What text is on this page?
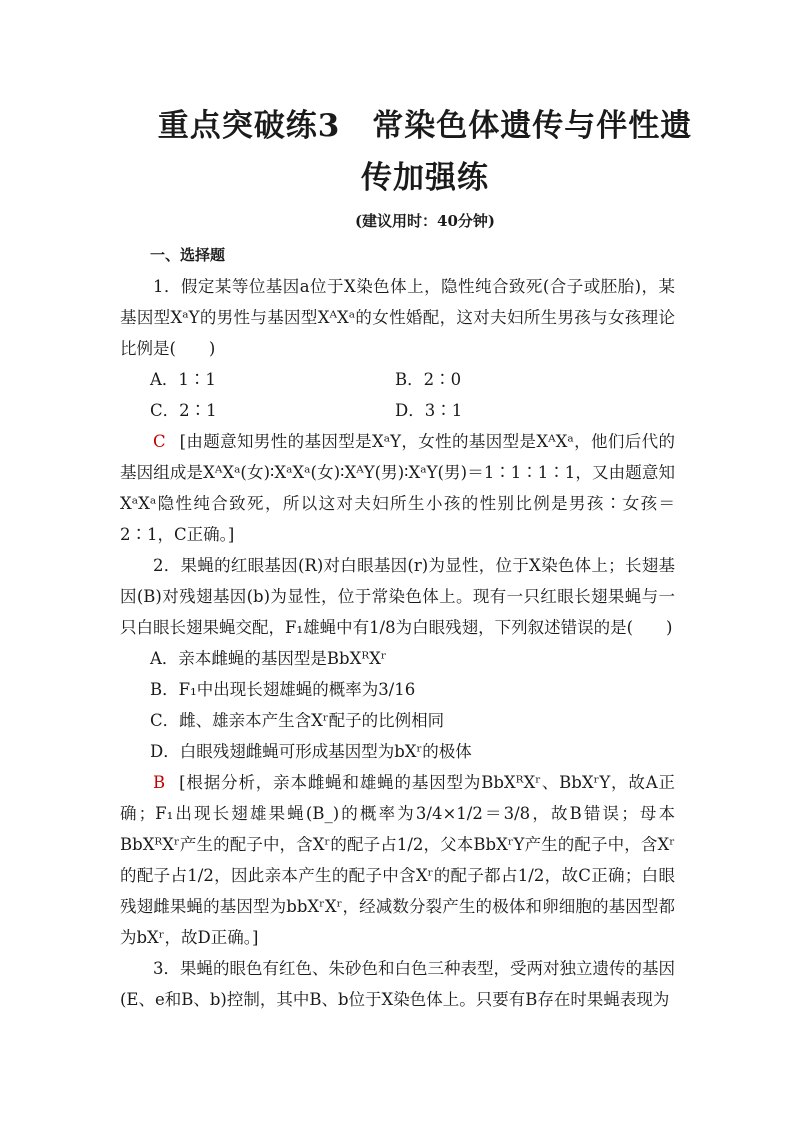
重点突破练3　常染色体遗传与伴性遗
传加强练
(建议用时：40分钟)
一、选择题

1．假定某等位基因a位于X染色体上，隐性纯合致死(合子或胚胎)，某基因型XᵃY的男性与基因型XᴬXᵃ的女性婚配，这对夫妇所生男孩与女孩理论比例是(　　)

A．1∶1	B．2∶0
C．2∶1	D．3∶1

C [由题意知男性的基因型是XᵃY，女性的基因型是XᴬXᵃ，他们后代的基因组成是XᴬXᵃ(女)∶XᵃXᵃ(女)∶XᴬY(男)∶XᵃY(男)＝1∶1∶1∶1，又由题意知XᵃXᵃ隐性纯合致死，所以这对夫妇所生小孩的性别比例是男孩∶女孩＝2∶1，C正确。]

2．果蝇的红眼基因(R)对白眼基因(r)为显性，位于X染色体上；长翅基因(B)对残翅基因(b)为显性，位于常染色体上。现有一只红眼长翅果蝇与一只白眼长翅果蝇交配，F₁雄蝇中有1/8为白眼残翅，下列叙述错误的是(　　)

A．亲本雌蝇的基因型是BbXᴿXʳ
B．F₁中出现长翅雄蝇的概率为3/16
C．雌、雄亲本产生含Xʳ配子的比例相同
D．白眼残翅雌蝇可形成基因型为bXʳ的极体

B [根据分析，亲本雌蝇和雄蝇的基因型为BbXᴿXʳ、BbXʳY，故A正确；F₁出现长翅雄果蝇(B_)的概率为3/4×1/2＝3/8，故B错误；母本BbXᴿXʳ产生的配子中，含Xʳ的配子占1/2，父本BbXʳY产生的配子中，含Xʳ的配子占1/2，因此亲本产生的配子中含Xʳ的配子都占1/2，故C正确；白眼残翅雌果蝇的基因型为bbXʳXʳ，经减数分裂产生的极体和卵细胞的基因型都为bXʳ，故D正确。]

3．果蝇的眼色有红色、朱砂色和白色三种表型，受两对独立遗传的基因(E、e和B、b)控制，其中B、b位于X染色体上。只要有B存在时果蝇表现为
